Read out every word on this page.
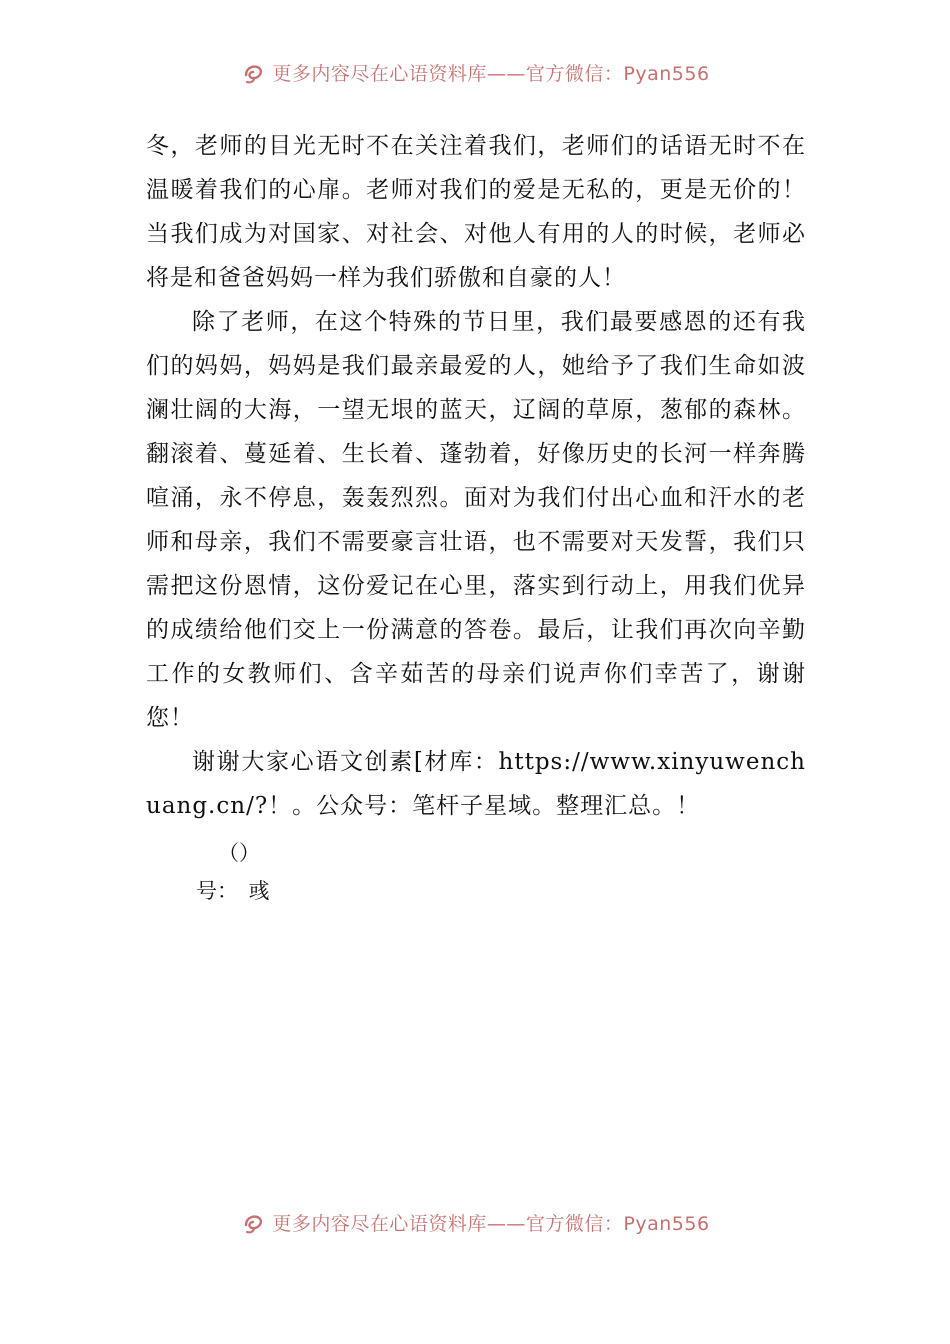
更多内容尽在心语资料库——官方微信：Pyan556

冬，老师的目光无时不在关注着我们，老师们的话语无时不在温暖着我们的心扉。老师对我们的爱是无私的，更是无价的！当我们成为对国家、对社会、对他人有用的人的时候，老师必将是和爸爸妈妈一样为我们骄傲和自豪的人！

除了老师，在这个特殊的节日里，我们最要感恩的还有我们的妈妈，妈妈是我们最亲最爱的人，她给予了我们生命如波澜壮阔的大海，一望无垠的蓝天，辽阔的草原，葱郁的森林。翻滚着、蔓延着、生长着、蓬勃着，好像历史的长河一样奔腾喧涌，永不停息，轰轰烈烈。面对为我们付出心血和汗水的老师和母亲，我们不需要豪言壮语，也不需要对天发誓，我们只需把这份恩情，这份爱记在心里，落实到行动上，用我们优异的成绩给他们交上一份满意的答卷。最后，让我们再次向辛勤工作的女教师们、含辛茹苦的母亲们说声你们幸苦了，谢谢您！

谢谢大家心语文创素[材库：https://www.xinyuwenchuang.cn/?！。公众号：笔杆子星域。整理汇总。！

（）

号：　彧

更多内容尽在心语资料库——官方微信：Pyan556
